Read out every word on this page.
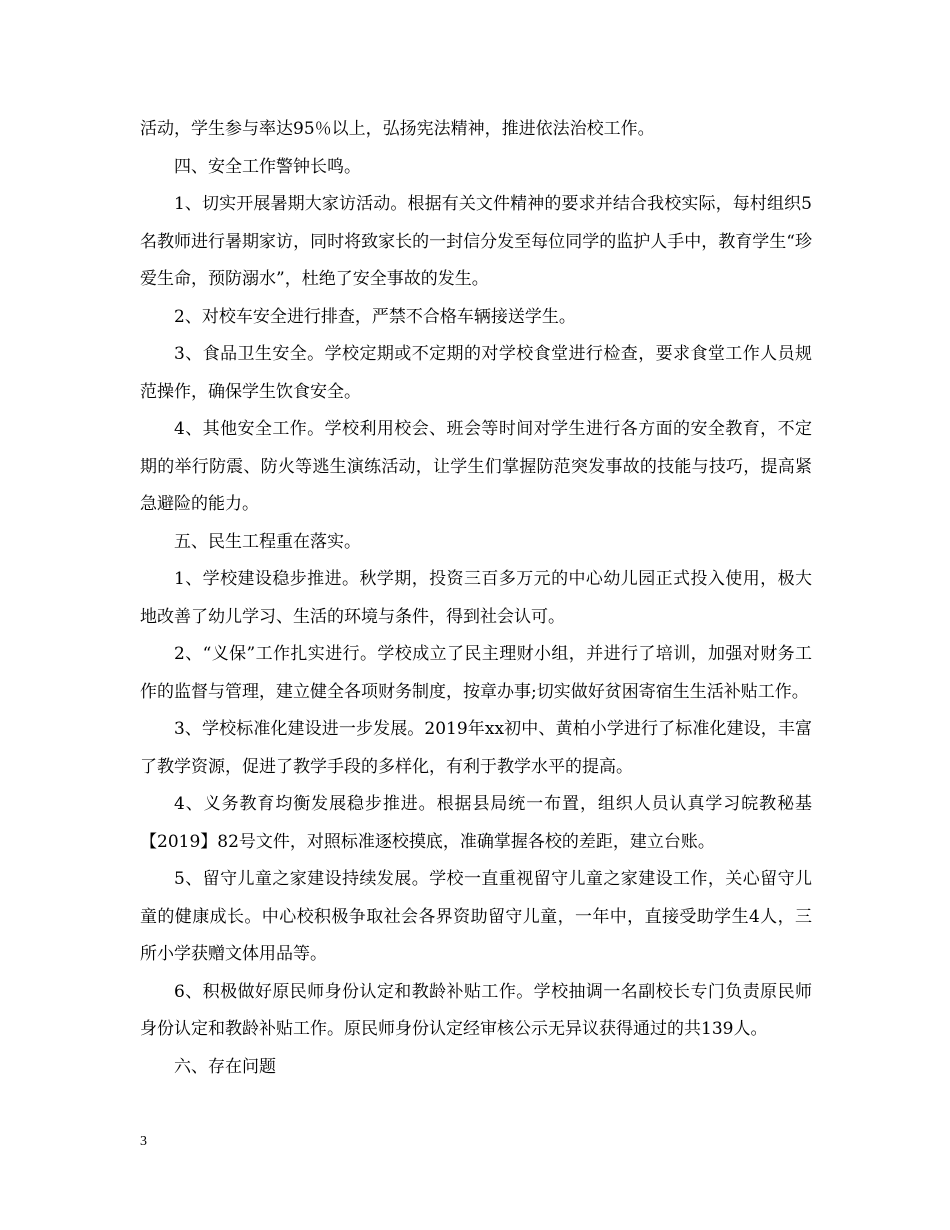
活动，学生参与率达95％以上，弘扬宪法精神，推进依法治校工作。

四、安全工作警钟长鸣。

1、切实开展暑期大家访活动。根据有关文件精神的要求并结合我校实际，每村组织5名教师进行暑期家访，同时将致家长的一封信分发至每位同学的监护人手中，教育学生“珍爱生命，预防溺水”，杜绝了安全事故的发生。

2、对校车安全进行排查，严禁不合格车辆接送学生。

3、食品卫生安全。学校定期或不定期的对学校食堂进行检查，要求食堂工作人员规范操作，确保学生饮食安全。

4、其他安全工作。学校利用校会、班会等时间对学生进行各方面的安全教育，不定期的举行防震、防火等逃生演练活动，让学生们掌握防范突发事故的技能与技巧，提高紧急避险的能力。

五、民生工程重在落实。

1、学校建设稳步推进。秋学期，投资三百多万元的中心幼儿园正式投入使用，极大地改善了幼儿学习、生活的环境与条件，得到社会认可。

2、“义保”工作扎实进行。学校成立了民主理财小组，并进行了培训，加强对财务工作的监督与管理，建立健全各项财务制度，按章办事;切实做好贫困寄宿生生活补贴工作。

3、学校标准化建设进一步发展。2019年xx初中、黄柏小学进行了标准化建设，丰富了教学资源，促进了教学手段的多样化，有利于教学水平的提高。

4、义务教育均衡发展稳步推进。根据县局统一布置，组织人员认真学习皖教秘基【2019】82号文件，对照标准逐校摸底，准确掌握各校的差距，建立台账。

5、留守儿童之家建设持续发展。学校一直重视留守儿童之家建设工作，关心留守儿童的健康成长。中心校积极争取社会各界资助留守儿童，一年中，直接受助学生4人，三所小学获赠文体用品等。

6、积极做好原民师身份认定和教龄补贴工作。学校抽调一名副校长专门负责原民师身份认定和教龄补贴工作。原民师身份认定经审核公示无异议获得通过的共139人。

六、存在问题

3
